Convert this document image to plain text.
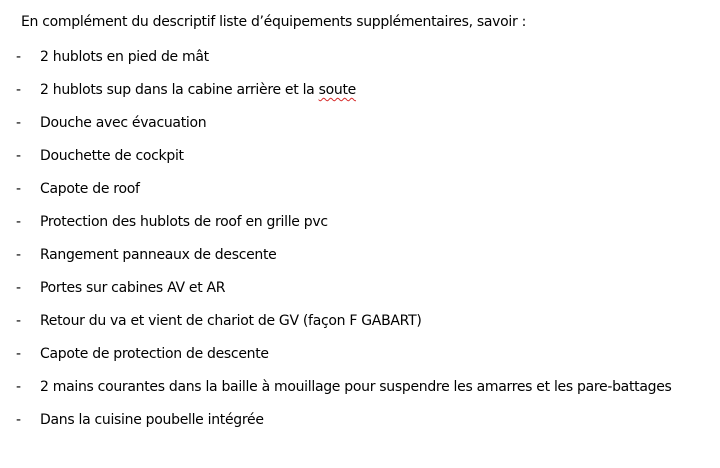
En complément du descriptif liste d’équipements supplémentaires, savoir :
-	2 hublots en pied de mât
-	2 hublots sup dans la cabine arrière et la soute
-	Douche avec évacuation
-	Douchette de cockpit
-	Capote de roof
-	Protection des hublots de roof en grille pvc
-	Rangement panneaux de descente
-	Portes sur cabines AV et AR
-	Retour du va et vient de chariot de GV (façon F GABART)
-	Capote de protection de descente
-	2 mains courantes dans la baille à mouillage pour suspendre les amarres et les pare-battages
-	Dans la cuisine poubelle intégrée
